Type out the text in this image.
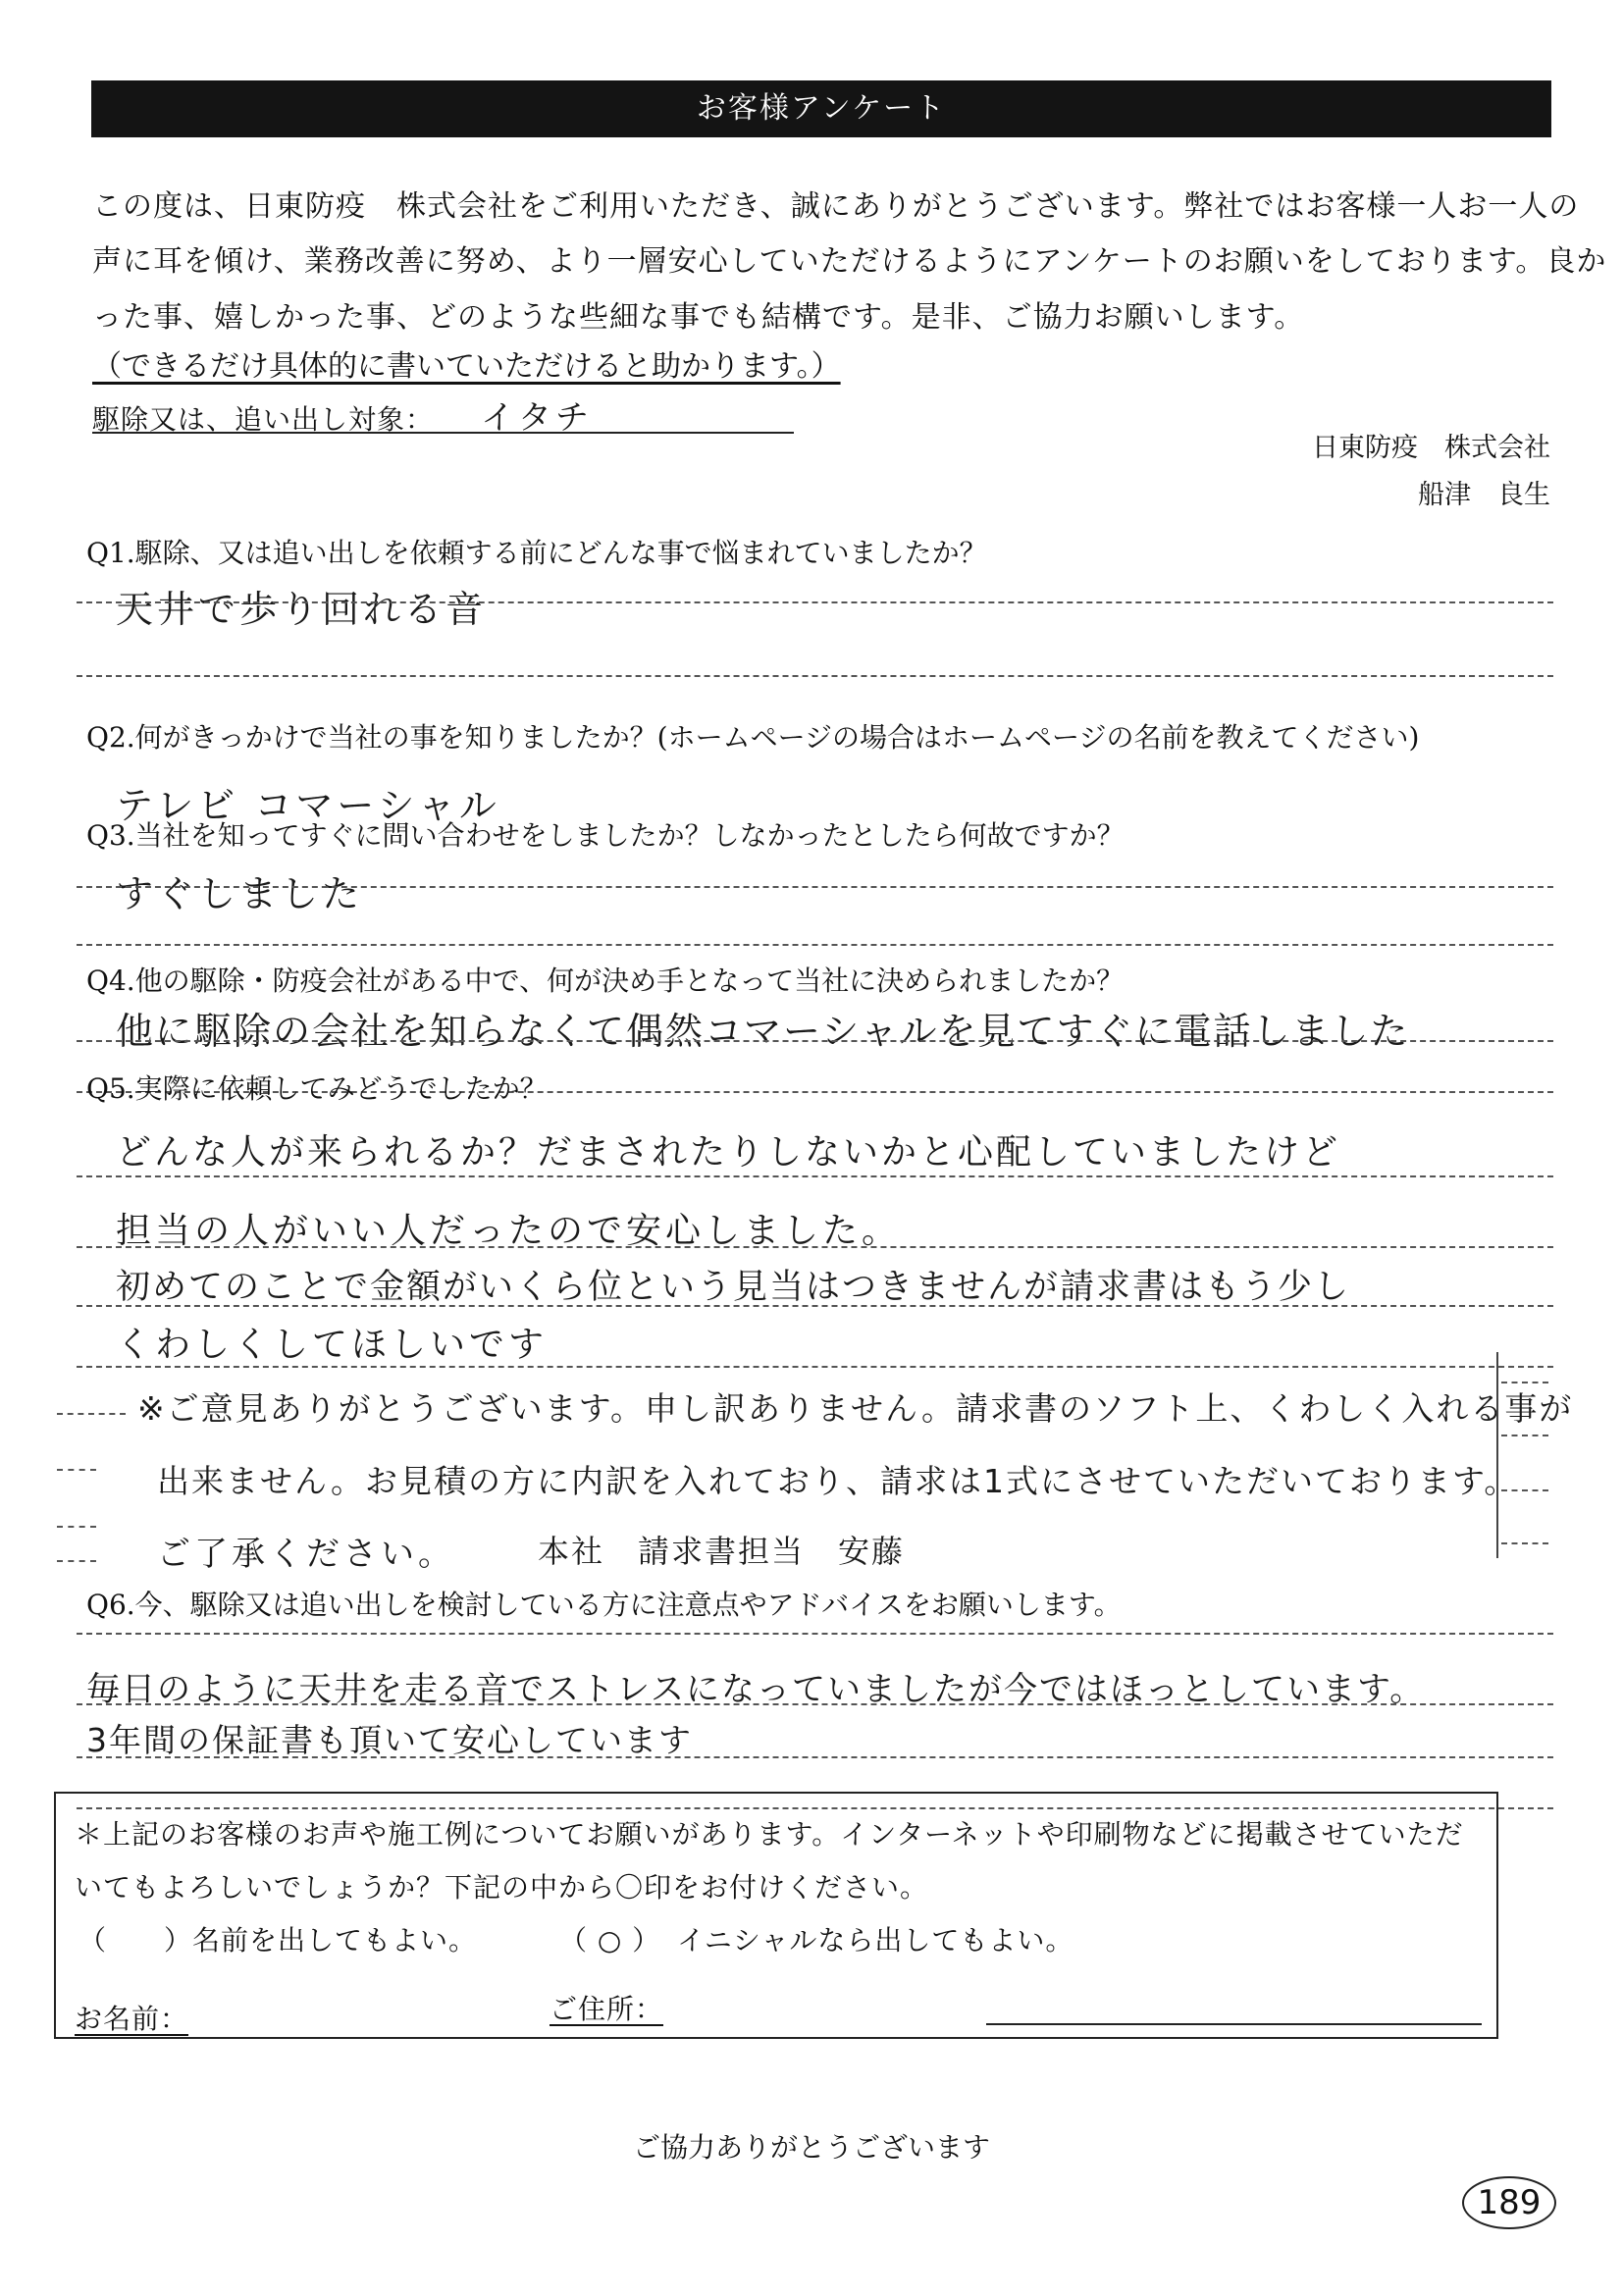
お客様アンケート
この度は、日東防疫　株式会社をご利用いただき、誠にありがとうございます。弊社ではお客様一人お一人の
声に耳を傾け、業務改善に努め、より一層安心していただけるようにアンケートのお願いをしております。良か
った事、嬉しかった事、どのような些細な事でも結構です。是非、ご協力お願いします。
（できるだけ具体的に書いていただけると助かります。）
駆除又は、追い出し対象： イタチ
日東防疫　株式会社
船津　良生
Q1.駆除、又は追い出しを依頼する前にどんな事で悩まれていましたか？
天井で歩り回れる音
Q2.何がきっかけで当社の事を知りましたか？(ホームページの場合はホームページの名前を教えてください)
テレビ コマーシャル
Q3.当社を知ってすぐに問い合わせをしましたか？しなかったとしたら何故ですか？
すぐしました
Q4.他の駆除・防疫会社がある中で、何が決め手となって当社に決められましたか？
他に駆除の会社を知らなくて偶然コマーシャルを見てすぐに電話しました
Q5.実際に依頼してみどうでしたか？
どんな人が来られるか？だまされたりしないかと心配していましたけど
担当の人がいい人だったので安心しました。
初めてのことで金額がいくら位という見当はつきませんが請求書はもう少し
くわしくしてほしいです
※ご意見ありがとうございます。申し訳ありません。請求書のソフト上、くわしく入れる事が
出来ません。お見積の方に内訳を入れており、請求は1式にさせていただいております。
ご了承ください。	本社　請求書担当　安藤
Q6.今、駆除又は追い出しを検討している方に注意点やアドバイスをお願いします。
毎日のように天井を走る音でストレスになっていましたが今ではほっとしています。
3年間の保証書も頂いて安心しています
＊上記のお客様のお声や施工例についてお願いがあります。インターネットや印刷物などに掲載させていただ
いてもよろしいでしょうか？下記の中から〇印をお付けください。
（　　） 名前を出してもよい。	（ ○ ） イニシャルなら出してもよい。
お名前：	ご住所：
ご協力ありがとうございます
189
